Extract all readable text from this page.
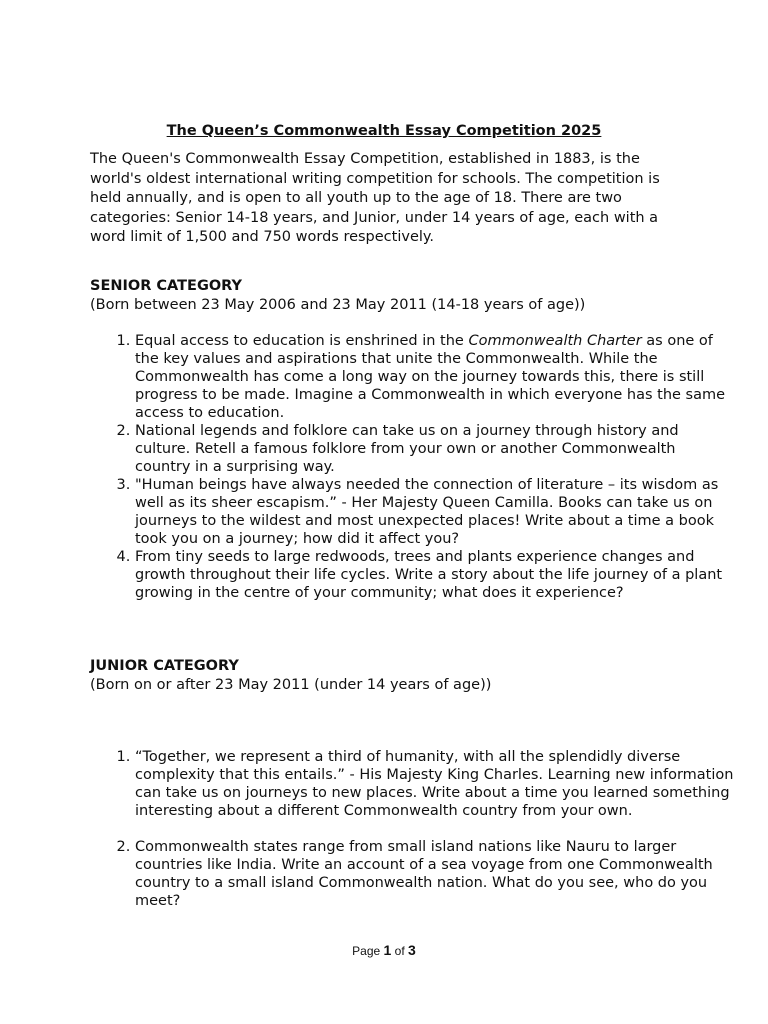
The Queen’s Commonwealth Essay Competition 2025

The Queen's Commonwealth Essay Competition, established in 1883, is the world's oldest international writing competition for schools. The competition is held annually, and is open to all youth up to the age of 18. There are two categories: Senior 14-18 years, and Junior, under 14 years of age, each with a word limit of 1,500 and 750 words respectively.

SENIOR CATEGORY

(Born between 23 May 2006 and 23 May 2011 (14-18 years of age))

1. Equal access to education is enshrined in the Commonwealth Charter as one of the key values and aspirations that unite the Commonwealth. While the Commonwealth has come a long way on the journey towards this, there is still progress to be made. Imagine a Commonwealth in which everyone has the same access to education.
2. National legends and folklore can take us on a journey through history and culture. Retell a famous folklore from your own or another Commonwealth country in a surprising way.
3. "Human beings have always needed the connection of literature – its wisdom as well as its sheer escapism.” - Her Majesty Queen Camilla. Books can take us on journeys to the wildest and most unexpected places! Write about a time a book took you on a journey; how did it affect you?
4. From tiny seeds to large redwoods, trees and plants experience changes and growth throughout their life cycles. Write a story about the life journey of a plant growing in the centre of your community; what does it experience?
JUNIOR CATEGORY

(Born on or after 23 May 2011 (under 14 years of age))

1. “Together, we represent a third of humanity, with all the splendidly diverse complexity that this entails.” - His Majesty King Charles. Learning new information can take us on journeys to new places. Write about a time you learned something interesting about a different Commonwealth country from your own.
2. Commonwealth states range from small island nations like Nauru to larger countries like India. Write an account of a sea voyage from one Commonwealth country to a small island Commonwealth nation. What do you see, who do you meet?

Page 1 of 3
